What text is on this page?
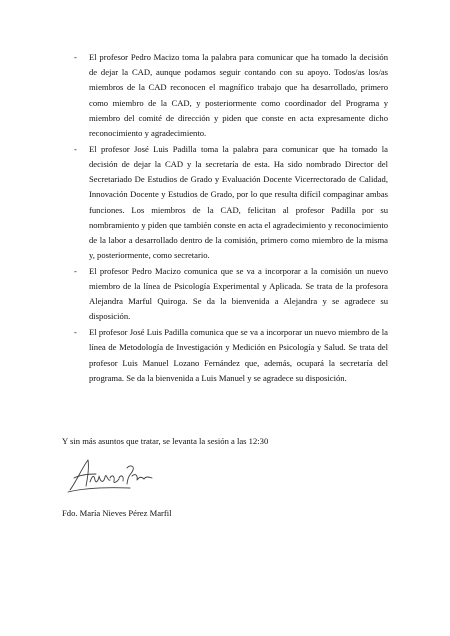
- El profesor Pedro Macizo toma la palabra para comunicar que ha tomado la decisión de dejar la CAD, aunque podamos seguir contando con su apoyo. Todos/as los/as miembros de la CAD reconocen el magnífico trabajo que ha desarrollado, primero como miembro de la CAD, y posteriormente como coordinador del Programa y miembro del comité de dirección y piden que conste en acta expresamente dicho reconocimiento y agradecimiento.
- El profesor José Luis Padilla toma la palabra para comunicar que ha tomado la decisión de dejar la CAD y la secretaría de esta. Ha sido nombrado Director del Secretariado De Estudios de Grado y Evaluación Docente Vicerrectorado de Calidad, Innovación Docente y Estudios de Grado, por lo que resulta difícil compaginar ambas funciones. Los miembros de la CAD, felicitan al profesor Padilla por su nombramiento y piden que también conste en acta el agradecimiento y reconocimiento de la labor a desarrollado dentro de la comisión, primero como miembro de la misma y, posteriormente, como secretario.
- El profesor Pedro Macizo comunica que se va a incorporar a la comisión un nuevo miembro de la línea de Psicología Experimental y Aplicada. Se trata de la profesora Alejandra Marful Quiroga. Se da la bienvenida a Alejandra y se agradece su disposición.
- El profesor José Luis Padilla comunica que se va a incorporar un nuevo miembro de la línea de Metodología de Investigación y Medición en Psicología y Salud. Se trata del profesor Luis Manuel Lozano Fernández que, además, ocupará la secretaría del programa. Se da la bienvenida a Luis Manuel y se agradece su disposición.
Y sin más asuntos que tratar, se levanta la sesión a las 12:30
Fdo. María Nieves Pérez Marfil
